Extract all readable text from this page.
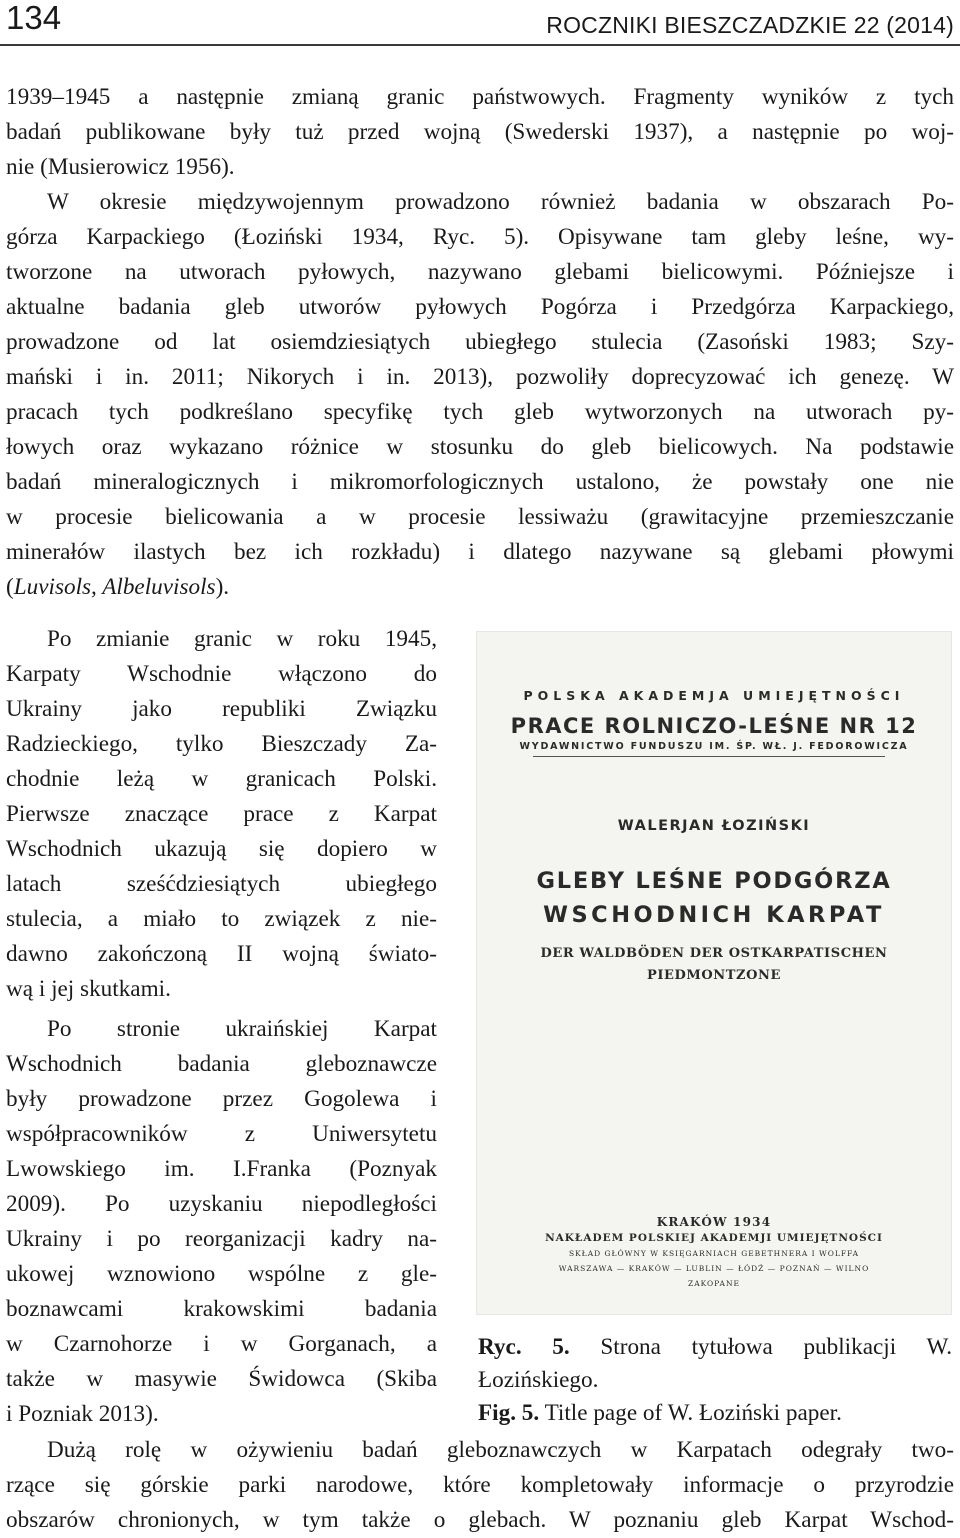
134	ROCZNIKI BIESZCZADZKIE 22 (2014)

1939–1945 a następnie zmianą granic państwowych. Fragmenty wyników z tych

badań publikowane były tuż przed wojną (Swederski 1937), a następnie po woj-

nie (Musierowicz 1956).

W okresie międzywojennym prowadzono również badania w obszarach Po-

górza Karpackiego (Łoziński 1934, Ryc. 5). Opisywane tam gleby leśne, wy-

tworzone na utworach pyłowych, nazywano glebami bielicowymi. Późniejsze i

aktualne badania gleb utworów pyłowych Pogórza i Przedgórza Karpackiego,

prowadzone od lat osiemdziesiątych ubiegłego stulecia (Zasoński 1983; Szy-

mański i in. 2011; Nikorych i in. 2013), pozwoliły doprecyzować ich genezę. W

pracach tych podkreślano specyfikę tych gleb wytworzonych na utworach py-

łowych oraz wykazano różnice w stosunku do gleb bielicowych. Na podstawie

badań mineralogicznych i mikromorfologicznych ustalono, że powstały one nie

w procesie bielicowania a w procesie lessiważu (grawitacyjne przemieszczanie

minerałów ilastych bez ich rozkładu) i dlatego nazywane są glebami płowymi

(Luvisols, Albeluvisols).

Po zmianie granic w roku 1945,

Karpaty Wschodnie włączono do

Ukrainy jako republiki Związku

Radzieckiego, tylko Bieszczady Za-

chodnie leżą w granicach Polski.

Pierwsze znaczące prace z Karpat

Wschodnich ukazują się dopiero w

latach sześćdziesiątych ubiegłego

stulecia, a miało to związek z nie-

dawno zakończoną II wojną świato-

wą i jej skutkami.

Po stronie ukraińskiej Karpat

Wschodnich badania gleboznawcze

były prowadzone przez Gogolewa i

współpracowników z Uniwersytetu

Lwowskiego im. I.Franka (Poznyak

2009). Po uzyskaniu niepodległości

Ukrainy i po reorganizacji kadry na-

ukowej wznowiono wspólne z gle-

boznawcami krakowskimi badania

w Czarnohorze i w Gorganach, a

także w masywie Świdowca (Skiba

i Pozniak 2013).

POLSKA AKADEMJA UMIEJĘTNOŚCI

PRACE ROLNICZO-LEŚNE NR 12

WYDAWNICTWO FUNDUSZU IM. ŚP. WŁ. J. FEDOROWICZA

WALERJAN ŁOZIŃSKI

GLEBY LEŚNE PODGÓRZA

WSCHODNICH KARPAT

DER WALDBÖDEN DER OSTKARPATISCHEN

PIEDMONTZONE

KRAKÓW 1934

NAKŁADEM POLSKIEJ AKADEMJI UMIEJĘTNOŚCI

SKŁAD GŁÓWNY W KSIĘGARNIACH GEBETHNERA I WOLFFA

WARSZAWA — KRAKÓW — LUBLIN — ŁÓDŹ — POZNAŃ — WILNO

ZAKOPANE

Ryc. 5. Strona tytułowa publikacji W.

Łozińskiego.

Fig. 5. Title page of W. Łoziński paper.

Dużą rolę w ożywieniu badań gleboznawczych w Karpatach odegrały two-

rzące się górskie parki narodowe, które kompletowały informacje o przyrodzie

obszarów chronionych, w tym także o glebach. W poznaniu gleb Karpat Wschod-
